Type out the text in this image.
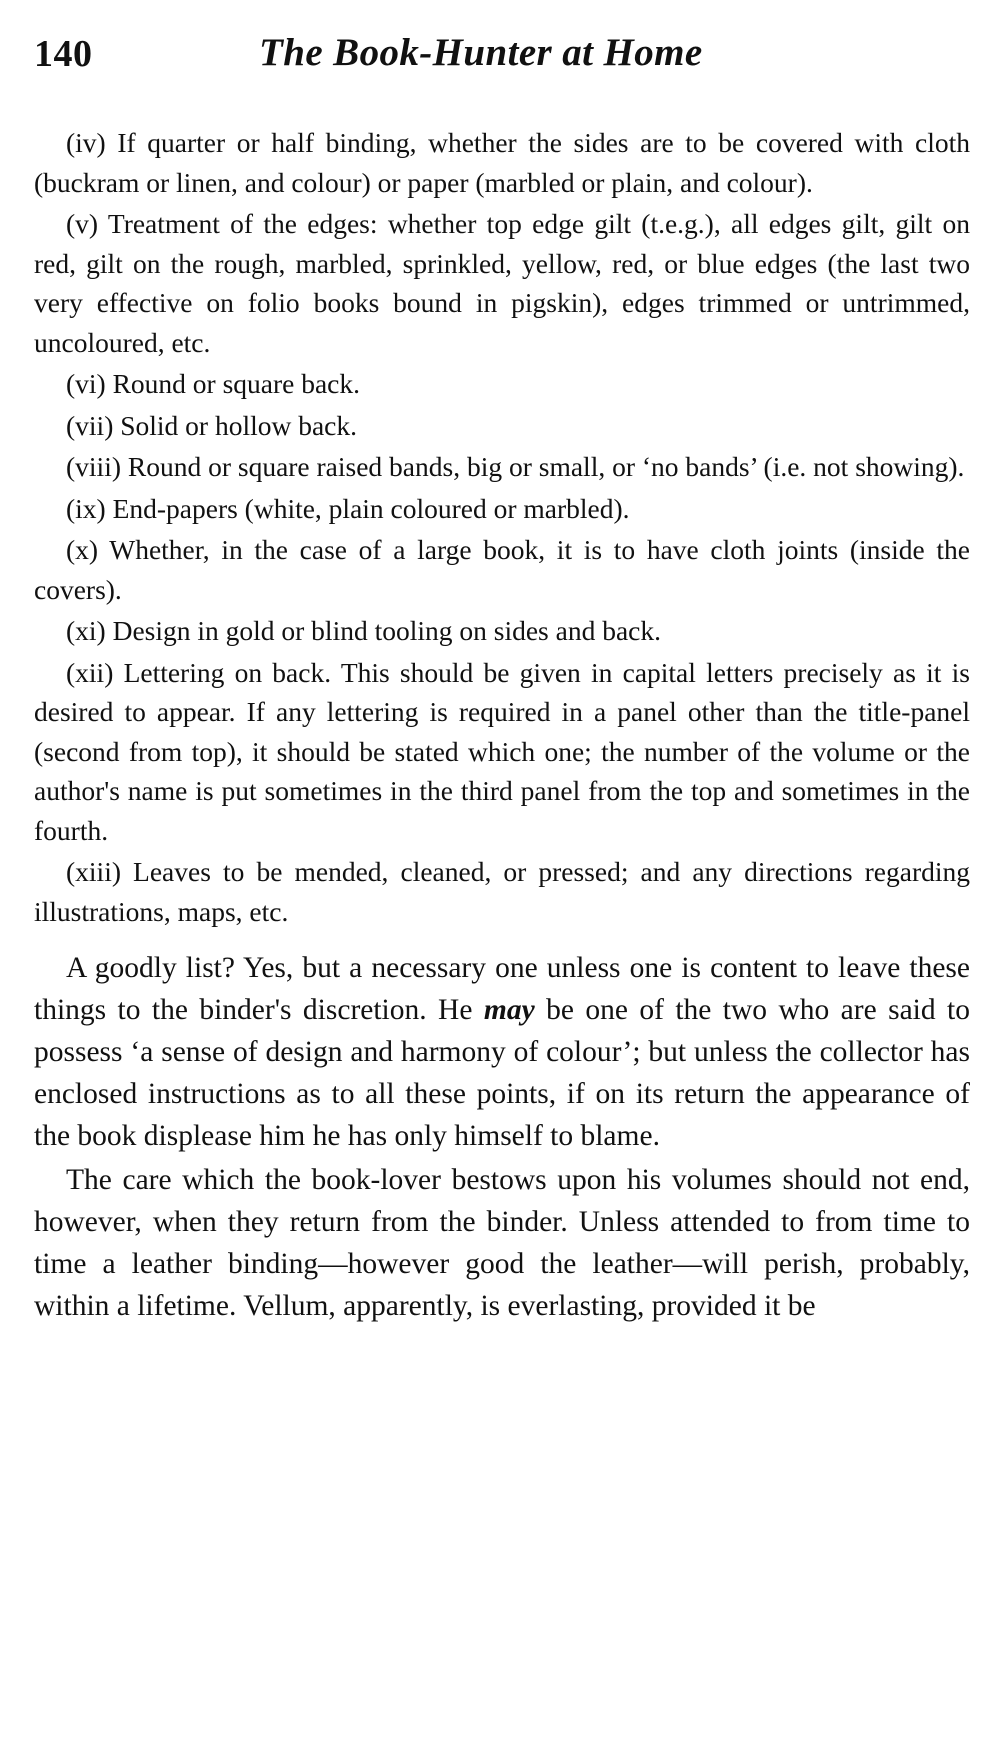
140	The Book-Hunter at Home

(iv) If quarter or half binding, whether the sides are to be covered with cloth (buckram or linen, and colour) or paper (marbled or plain, and colour).

(v) Treatment of the edges: whether top edge gilt (t.e.g.), all edges gilt, gilt on red, gilt on the rough, marbled, sprinkled, yellow, red, or blue edges (the last two very effective on folio books bound in pigskin), edges trimmed or untrimmed, uncoloured, etc.

(vi) Round or square back.

(vii) Solid or hollow back.

(viii) Round or square raised bands, big or small, or ‘no bands’ (i.e. not showing).

(ix) End-papers (white, plain coloured or marbled).

(x) Whether, in the case of a large book, it is to have cloth joints (inside the covers).

(xi) Design in gold or blind tooling on sides and back.

(xii) Lettering on back. This should be given in capital letters precisely as it is desired to appear. If any lettering is required in a panel other than the title-panel (second from top), it should be stated which one; the number of the volume or the author's name is put sometimes in the third panel from the top and sometimes in the fourth.

(xiii) Leaves to be mended, cleaned, or pressed; and any directions regarding illustrations, maps, etc.

A goodly list? Yes, but a necessary one unless one is content to leave these things to the binder's discretion. He may be one of the two who are said to possess ‘a sense of design and harmony of colour’; but unless the collector has enclosed instructions as to all these points, if on its return the appearance of the book displease him he has only himself to blame.

The care which the book-lover bestows upon his volumes should not end, however, when they return from the binder. Unless attended to from time to time a leather binding—however good the leather—will perish, probably, within a lifetime. Vellum, apparently, is everlasting, provided it be
